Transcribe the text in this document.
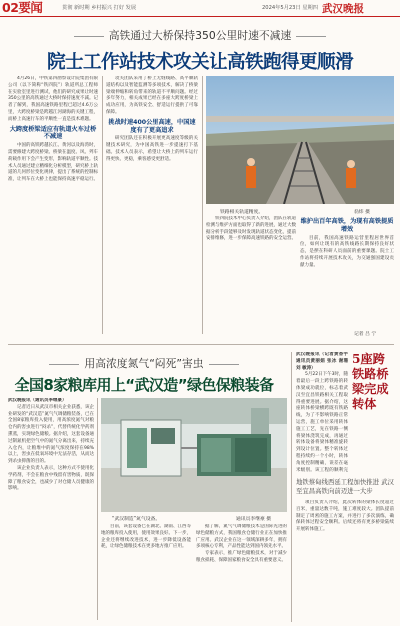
02要闻	贯彻 新时期 乡村振兴 打好 发展	2024年5月23日 星期四 武汉晚报
高铁通过大桥保持350公里时速不减速
院士工作站技术攻关让高铁跑得更顺滑

4月26日，中铁第四勘察设计院集团有限公司（以下简称“铁四院”）轨道所总工程师在实验室里进行测试，他们的研究成果让时速350公里的高铁通过大桥时保持速度不减。记者了解到，我国高速铁路里程已超过4.6万公里，大跨度桥梁是跨越江河湖海的关键工程，而桥上高速行车的平顺性一直是技术难题。

大跨度桥梁适应有轨道火车过桥不减速

中国的高铁跨越长江、黄河以及海湾时，需要修建大跨度桥梁。桥梁在温度、风、列车荷载作用下会产生变形，影响轨道平顺性。技术人员通过建立精细化分析模型，研究桥上轨道的几何形位变化规律，提出了系统的控制标准，让列车在大桥上也能保持高速平稳运行。

攻关团队采用了桥上无缝线路、高平顺轨道结构以及智能监测等多项技术，解决了桥梁梁端伸缩和转角带来的轨道不平顺问题。经过多年努力，相关成果已经在多座大跨度桥梁上成功应用，为高铁安全、舒适运行提供了可靠保障。

挑战时速400公里高速，中国速度有了更高追求

研究团队还在积极开展更高速度等级的关键技术研究，为中国高铁进一步提速打下基础。技术人员表示，希望让大桥上的列车运行得更快、更稳，乘客感受更舒适。

铁路相关轨道精度。	翁炜 摄

铁四院技术中心负责人介绍，团队在轨道检测与维护方面也取得了新的进展，通过大数据分析手段能够及时发现轨道状态变化，提前安排维修，进一步保障高速铁路的安全运营。

维护出百年高铁，为现有高铁提质增效

目前，我国高速铁路运营里程居世界首位，如何让现有的高铁线路长期保持良好状态，是摆在科研人员面前的重要课题。院士工作站将持续开展技术攻关，为交通强国建设贡献力量。

记者 吕 宁
用高浓度氮气“闷死”害虫
全国8家粮库用上“武汉造”绿色保粮装备

武汉晚报讯（通讯员李继豪）

记者近日从武汉市相关企业获悉，该企业研发的“武汉造”氮气气调储粮装备，已在全国8家粮库投入使用，用高浓度氮气对粮仓内的害虫进行“闷杀”，代替传统化学药剂熏蒸，实现绿色储粮。据介绍，这套设备通过制氮机把空气中的氮气分离出来，持续充入仓内，让粮堆中的氮气浓度保持在98%以上，害虫在低氧环境中无法存活，从而达到杀虫抑菌的目的。

该企业负责人表示，这种方式不使用化学药剂，不会在粮食中残留有害物质，既保障了粮食安全，也减少了对仓储人员健康的影响。

“武汉制造”氮气设备。	通讯员李继豪 摄

目前，该套设备已在湖北、湖南、江西等地的粮库投入使用，使用效果良好。下一步，企业还将继续改进技术，进一步降低设备能耗，让绿色储粮技术在更多地方推广应用。

据了解，氮气气调储粮技术是国际先进的绿色储粮方式，我国粮食仓储行业正在加快推广应用。武汉企业在这一领域深耕多年，拥有多项核心专利，产品性能达到国内领先水平。

专家表示，推广绿色储粮技术，对于减少粮食损耗、保障国家粮食安全具有重要意义。

武汉晚报讯（记者黄香宇 通讯员黄丽娟 张冰 谢珊 刘 敏涛）

5月22日下午3时，随着最后一段上跨铁路的转体梁成功就位，标志着武汉至宜昌铁路相关工程取得重要进展。据介绍，这座转体桥梁横跨既有铁路线，为了不影响铁路正常运营，施工单位采用转体施工工艺，先在铁路一侧将梁体浇筑完成，再通过转体设备将梁体精准旋转到设计位置。整个转体过程持续约一个小时，转体角度控制精确，误差在毫米级别。该工程的顺利完

5座跨铁路桥梁完成转体
地铁蔡甸线西延工程加快推进 武汉至宜昌高铁向前迈进一大步

项目负责人介绍，此次转体的梁体长度超过百米，重量达数千吨，施工难度较大。团队提前制定了周密的施工方案，并进行了多次演练，确保转体过程安全顺利。后续还将有更多桥梁陆续开展转体施工。
